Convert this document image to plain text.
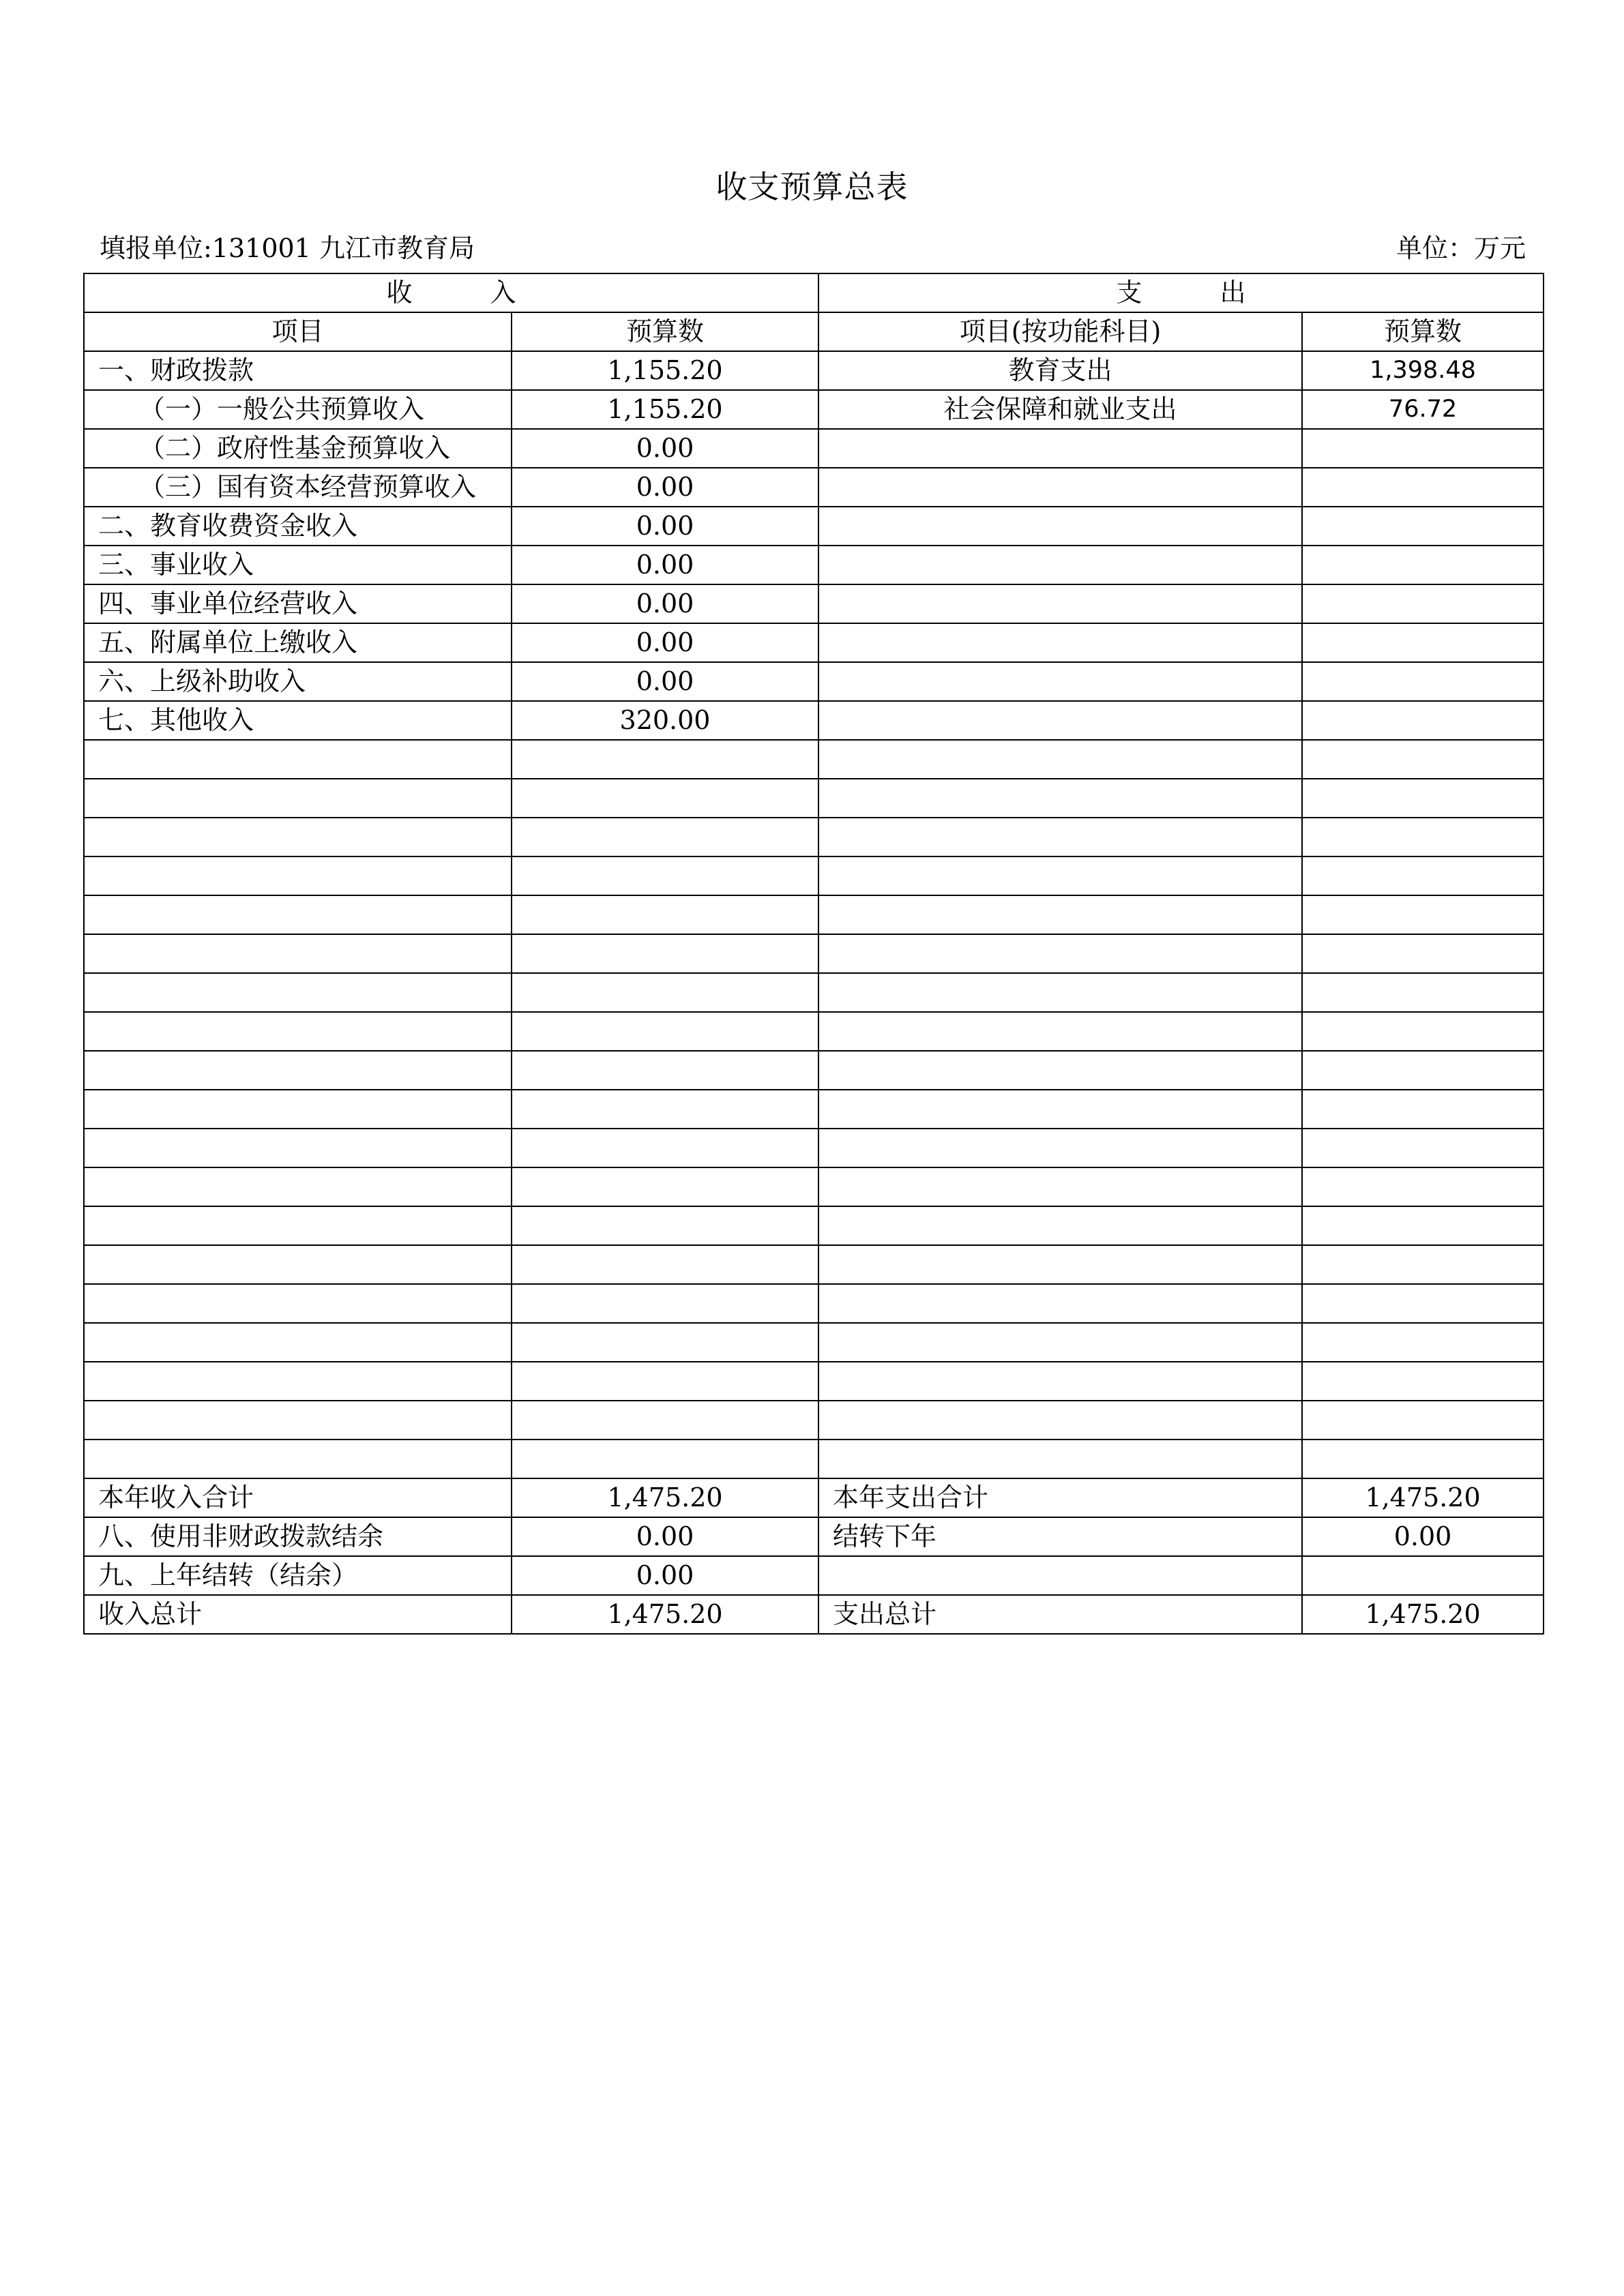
收支预算总表
填报单位:131001 九江市教育局	单位：万元
收　　　入		支　　　出	
项目	预算数	项目(按功能科目)	预算数
一、财政拨款	1,155.20	教育支出	1,398.48
（一）一般公共预算收入	1,155.20	社会保障和就业支出	76.72
（二）政府性基金预算收入	0.00		
（三）国有资本经营预算收入	0.00		
二、教育收费资金收入	0.00		
三、事业收入	0.00		
四、事业单位经营收入	0.00		
五、附属单位上缴收入	0.00		
六、上级补助收入	0.00		
七、其他收入	320.00		

本年收入合计	1,475.20	本年支出合计	1,475.20
八、使用非财政拨款结余	0.00	结转下年	0.00
九、上年结转（结余）	0.00		
收入总计	1,475.20	支出总计	1,475.20
